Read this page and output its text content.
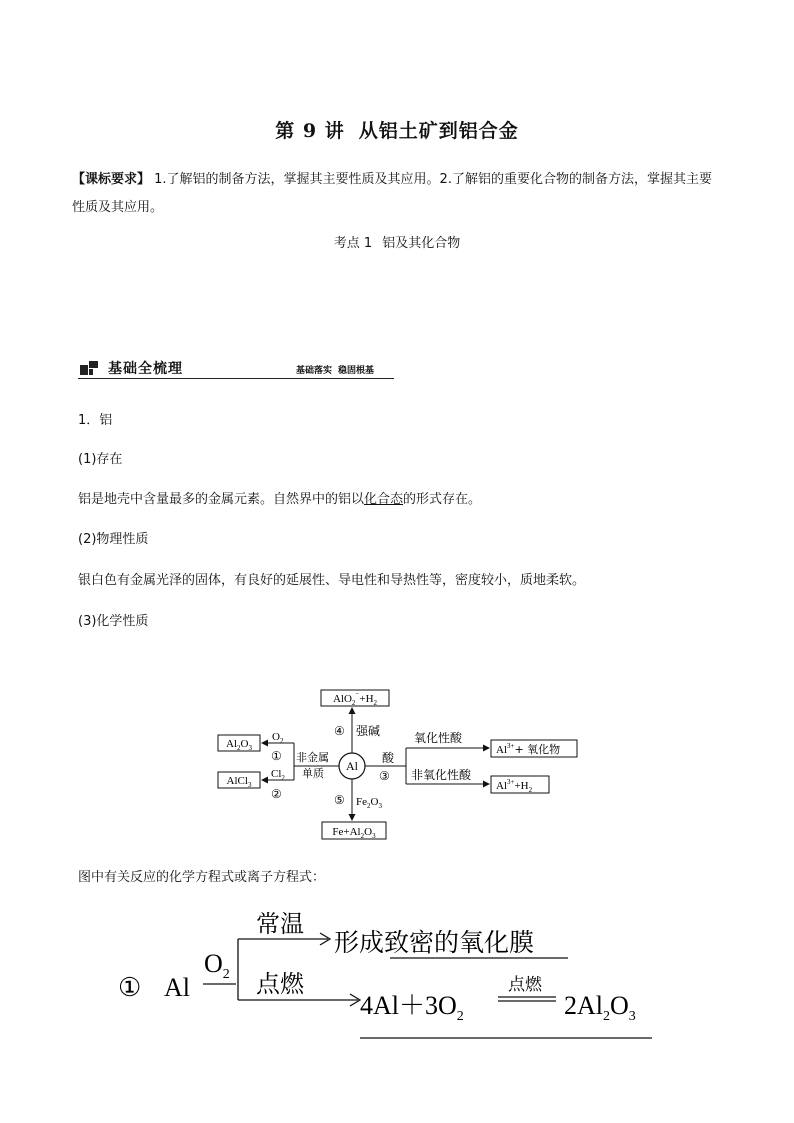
第 9 讲 从铝土矿到铝合金
【课标要求】 1.了解铝的制备方法，掌握其主要性质及其应用。2.了解铝的重要化合物的制备方法，掌握其主要性质及其应用。
考点 1 铝及其化合物
基础全梳理	基础落实 稳固根基
1．铝
(1)存在
铝是地壳中含量最多的金属元素。自然界中的铝以化合态的形式存在。
(2)物理性质
银白色有金属光泽的固体，有良好的延展性、导电性和导热性等，密度较小，质地柔软。
(3)化学性质
Al
$AlO_2^-+H_2$
④ 强碱
$Al_2O_3$
AlCl$_3$
$O_2$
①
$Cl_2$
②
非金属
单质
酸
③
氧化性酸
非氧化性酸
$Al^{3+}+$ 氧化物
$Al^{3+}+H_2$
⑤ $Fe_2O_3$
$Fe+Al_2O_3$
图中有关反应的化学方程式或离子方程式：
① Al
$O_2$
常温
形成致密的氧化膜
点燃
$4Al+3O_2$
点燃
$2Al_2O_3$
